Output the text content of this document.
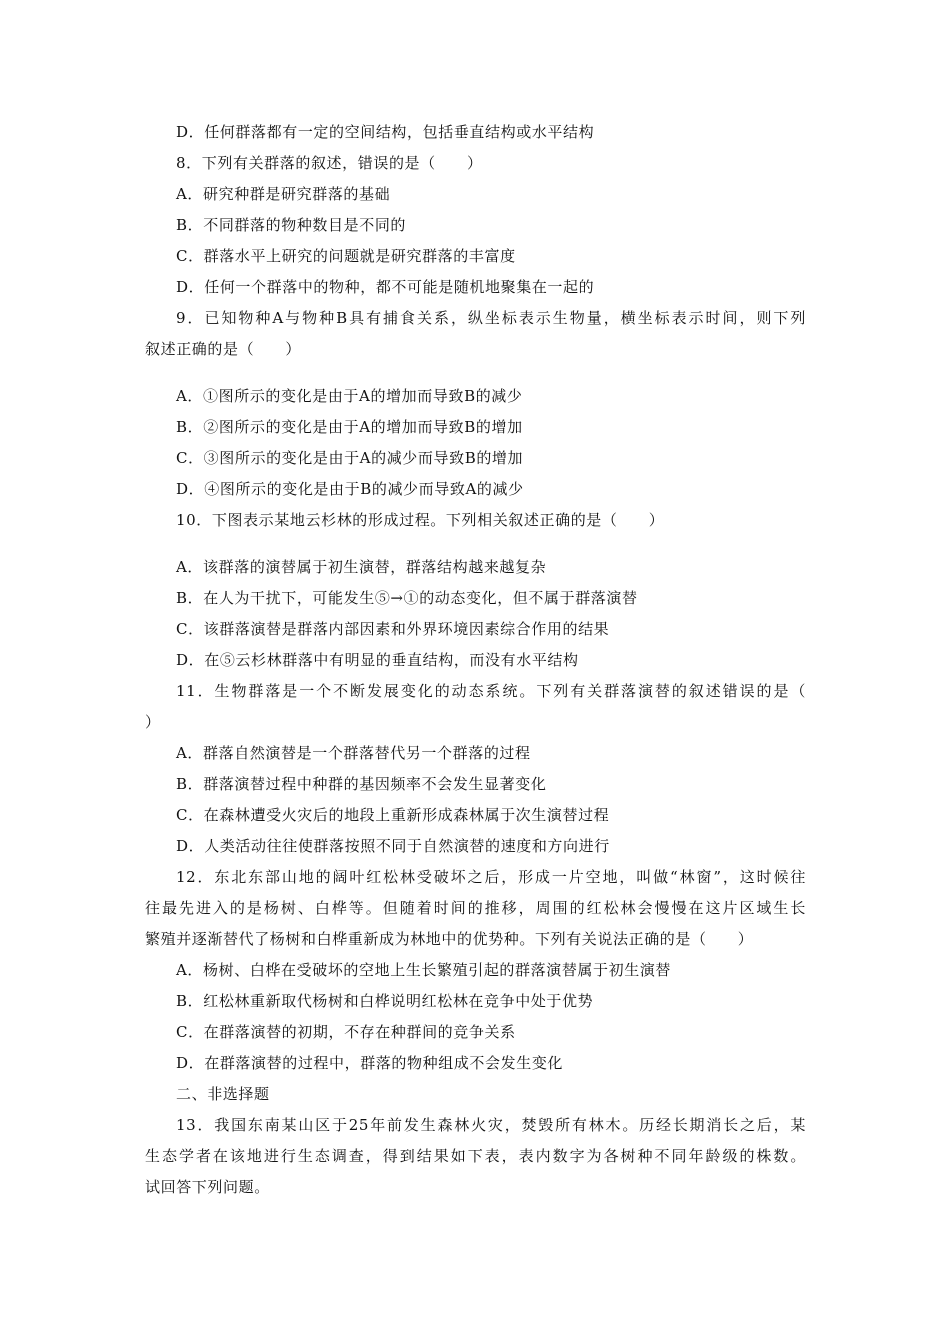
D．任何群落都有一定的空间结构，包括垂直结构或水平结构
8．下列有关群落的叙述，错误的是（　　）
A．研究种群是研究群落的基础
B．不同群落的物种数目是不同的
C．群落水平上研究的问题就是研究群落的丰富度
D．任何一个群落中的物种，都不可能是随机地聚集在一起的
9．已知物种A与物种B具有捕食关系，纵坐标表示生物量，横坐标表示时间，则下列
叙述正确的是（　　）
A．①图所示的变化是由于A的增加而导致B的减少
B．②图所示的变化是由于A的增加而导致B的增加
C．③图所示的变化是由于A的减少而导致B的增加
D．④图所示的变化是由于B的减少而导致A的减少
10．下图表示某地云杉林的形成过程。下列相关叙述正确的是（　　）
A．该群落的演替属于初生演替，群落结构越来越复杂
B．在人为干扰下，可能发生⑤→①的动态变化，但不属于群落演替
C．该群落演替是群落内部因素和外界环境因素综合作用的结果
D．在⑤云杉林群落中有明显的垂直结构，而没有水平结构
11．生物群落是一个不断发展变化的动态系统。下列有关群落演替的叙述错误的是（
）
A．群落自然演替是一个群落替代另一个群落的过程
B．群落演替过程中种群的基因频率不会发生显著变化
C．在森林遭受火灾后的地段上重新形成森林属于次生演替过程
D．人类活动往往使群落按照不同于自然演替的速度和方向进行
12．东北东部山地的阔叶红松林受破坏之后，形成一片空地，叫做“林窗”，这时候往
往最先进入的是杨树、白桦等。但随着时间的推移，周围的红松林会慢慢在这片区域生长
繁殖并逐渐替代了杨树和白桦重新成为林地中的优势种。下列有关说法正确的是（　　）
A．杨树、白桦在受破坏的空地上生长繁殖引起的群落演替属于初生演替
B．红松林重新取代杨树和白桦说明红松林在竞争中处于优势
C．在群落演替的初期，不存在种群间的竞争关系
D．在群落演替的过程中，群落的物种组成不会发生变化
二、非选择题
13．我国东南某山区于25年前发生森林火灾，焚毁所有林木。历经长期消长之后，某
生态学者在该地进行生态调查，得到结果如下表，表内数字为各树种不同年龄级的株数。
试回答下列问题。
